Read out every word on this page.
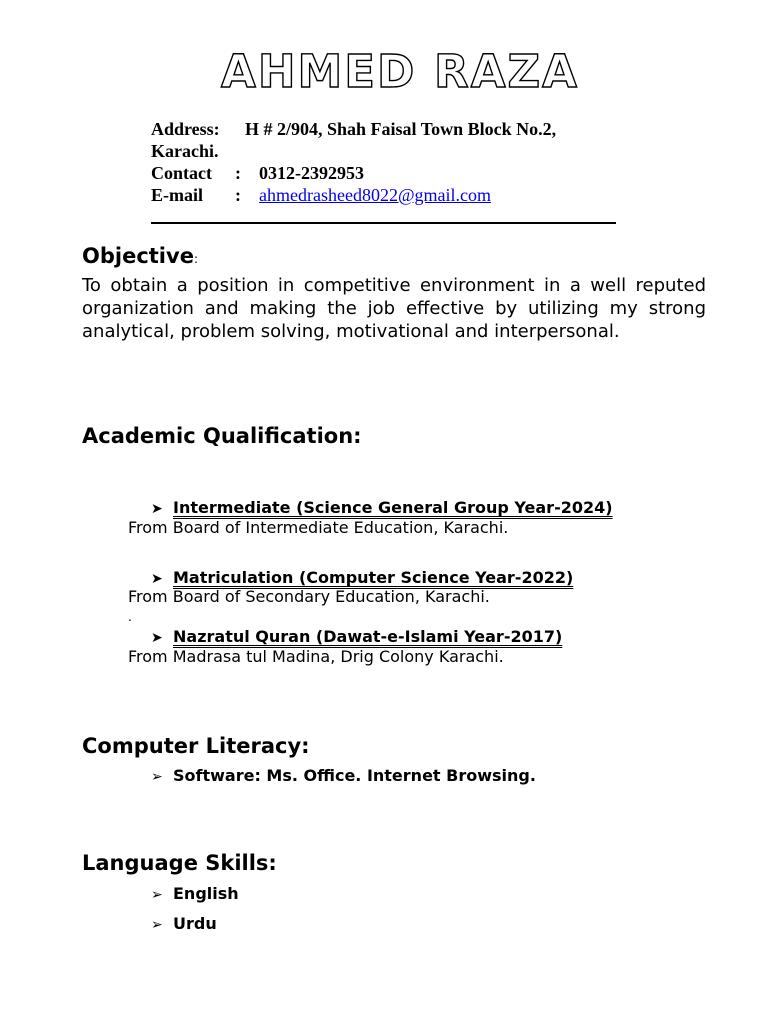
AHMED RAZA
Address: H # 2/904, Shah Faisal Town Block No.2,
Karachi.
Contact : 0312-2392953
E-mail : ahmedrasheed8022@gmail.com
Objective:
To obtain a position in competitive environment in a well reputed organization and making the job effective by utilizing my strong analytical, problem solving, motivational and interpersonal.
Academic Qualification:
➤ Intermediate (Science General Group Year-2024)
From Board of Intermediate Education, Karachi.
➤ Matriculation (Computer Science Year-2022)
From Board of Secondary Education, Karachi.
.
➤ Nazratul Quran (Dawat-e-Islami Year-2017)
From Madrasa tul Madina, Drig Colony Karachi.
Computer Literacy:
➢ Software: Ms. Office. Internet Browsing.
Language Skills:
➢ English
➢ Urdu
